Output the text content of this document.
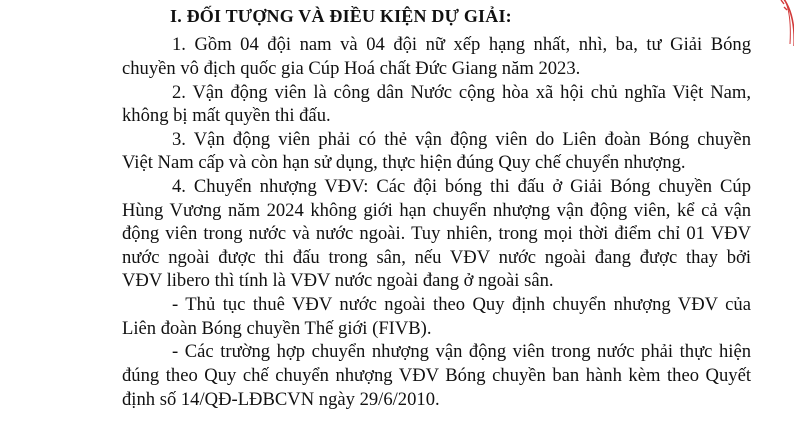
I. ĐỐI TƯỢNG VÀ ĐIỀU KIỆN DỰ GIẢI:
1. Gồm 04 đội nam và 04 đội nữ xếp hạng nhất, nhì, ba, tư Giải Bóng
chuyền vô địch quốc gia Cúp Hoá chất Đức Giang năm 2023.
2. Vận động viên là công dân Nước cộng hòa xã hội chủ nghĩa Việt Nam,
không bị mất quyền thi đấu.
3. Vận động viên phải có thẻ vận động viên do Liên đoàn Bóng chuyền
Việt Nam cấp và còn hạn sử dụng, thực hiện đúng Quy chế chuyển nhượng.
4. Chuyển nhượng VĐV: Các đội bóng thi đấu ở Giải Bóng chuyền Cúp
Hùng Vương năm 2024 không giới hạn chuyển nhượng vận động viên, kể cả vận
động viên trong nước và nước ngoài. Tuy nhiên, trong mọi thời điểm chỉ 01 VĐV
nước ngoài được thi đấu trong sân, nếu VĐV nước ngoài đang được thay bởi
VĐV libero thì tính là VĐV nước ngoài đang ở ngoài sân.
- Thủ tục thuê VĐV nước ngoài theo Quy định chuyển nhượng VĐV của
Liên đoàn Bóng chuyền Thế giới (FIVB).
- Các trường hợp chuyển nhượng vận động viên trong nước phải thực hiện
đúng theo Quy chế chuyển nhượng VĐV Bóng chuyền ban hành kèm theo Quyết
định số 14/QĐ-LĐBCVN ngày 29/6/2010.
